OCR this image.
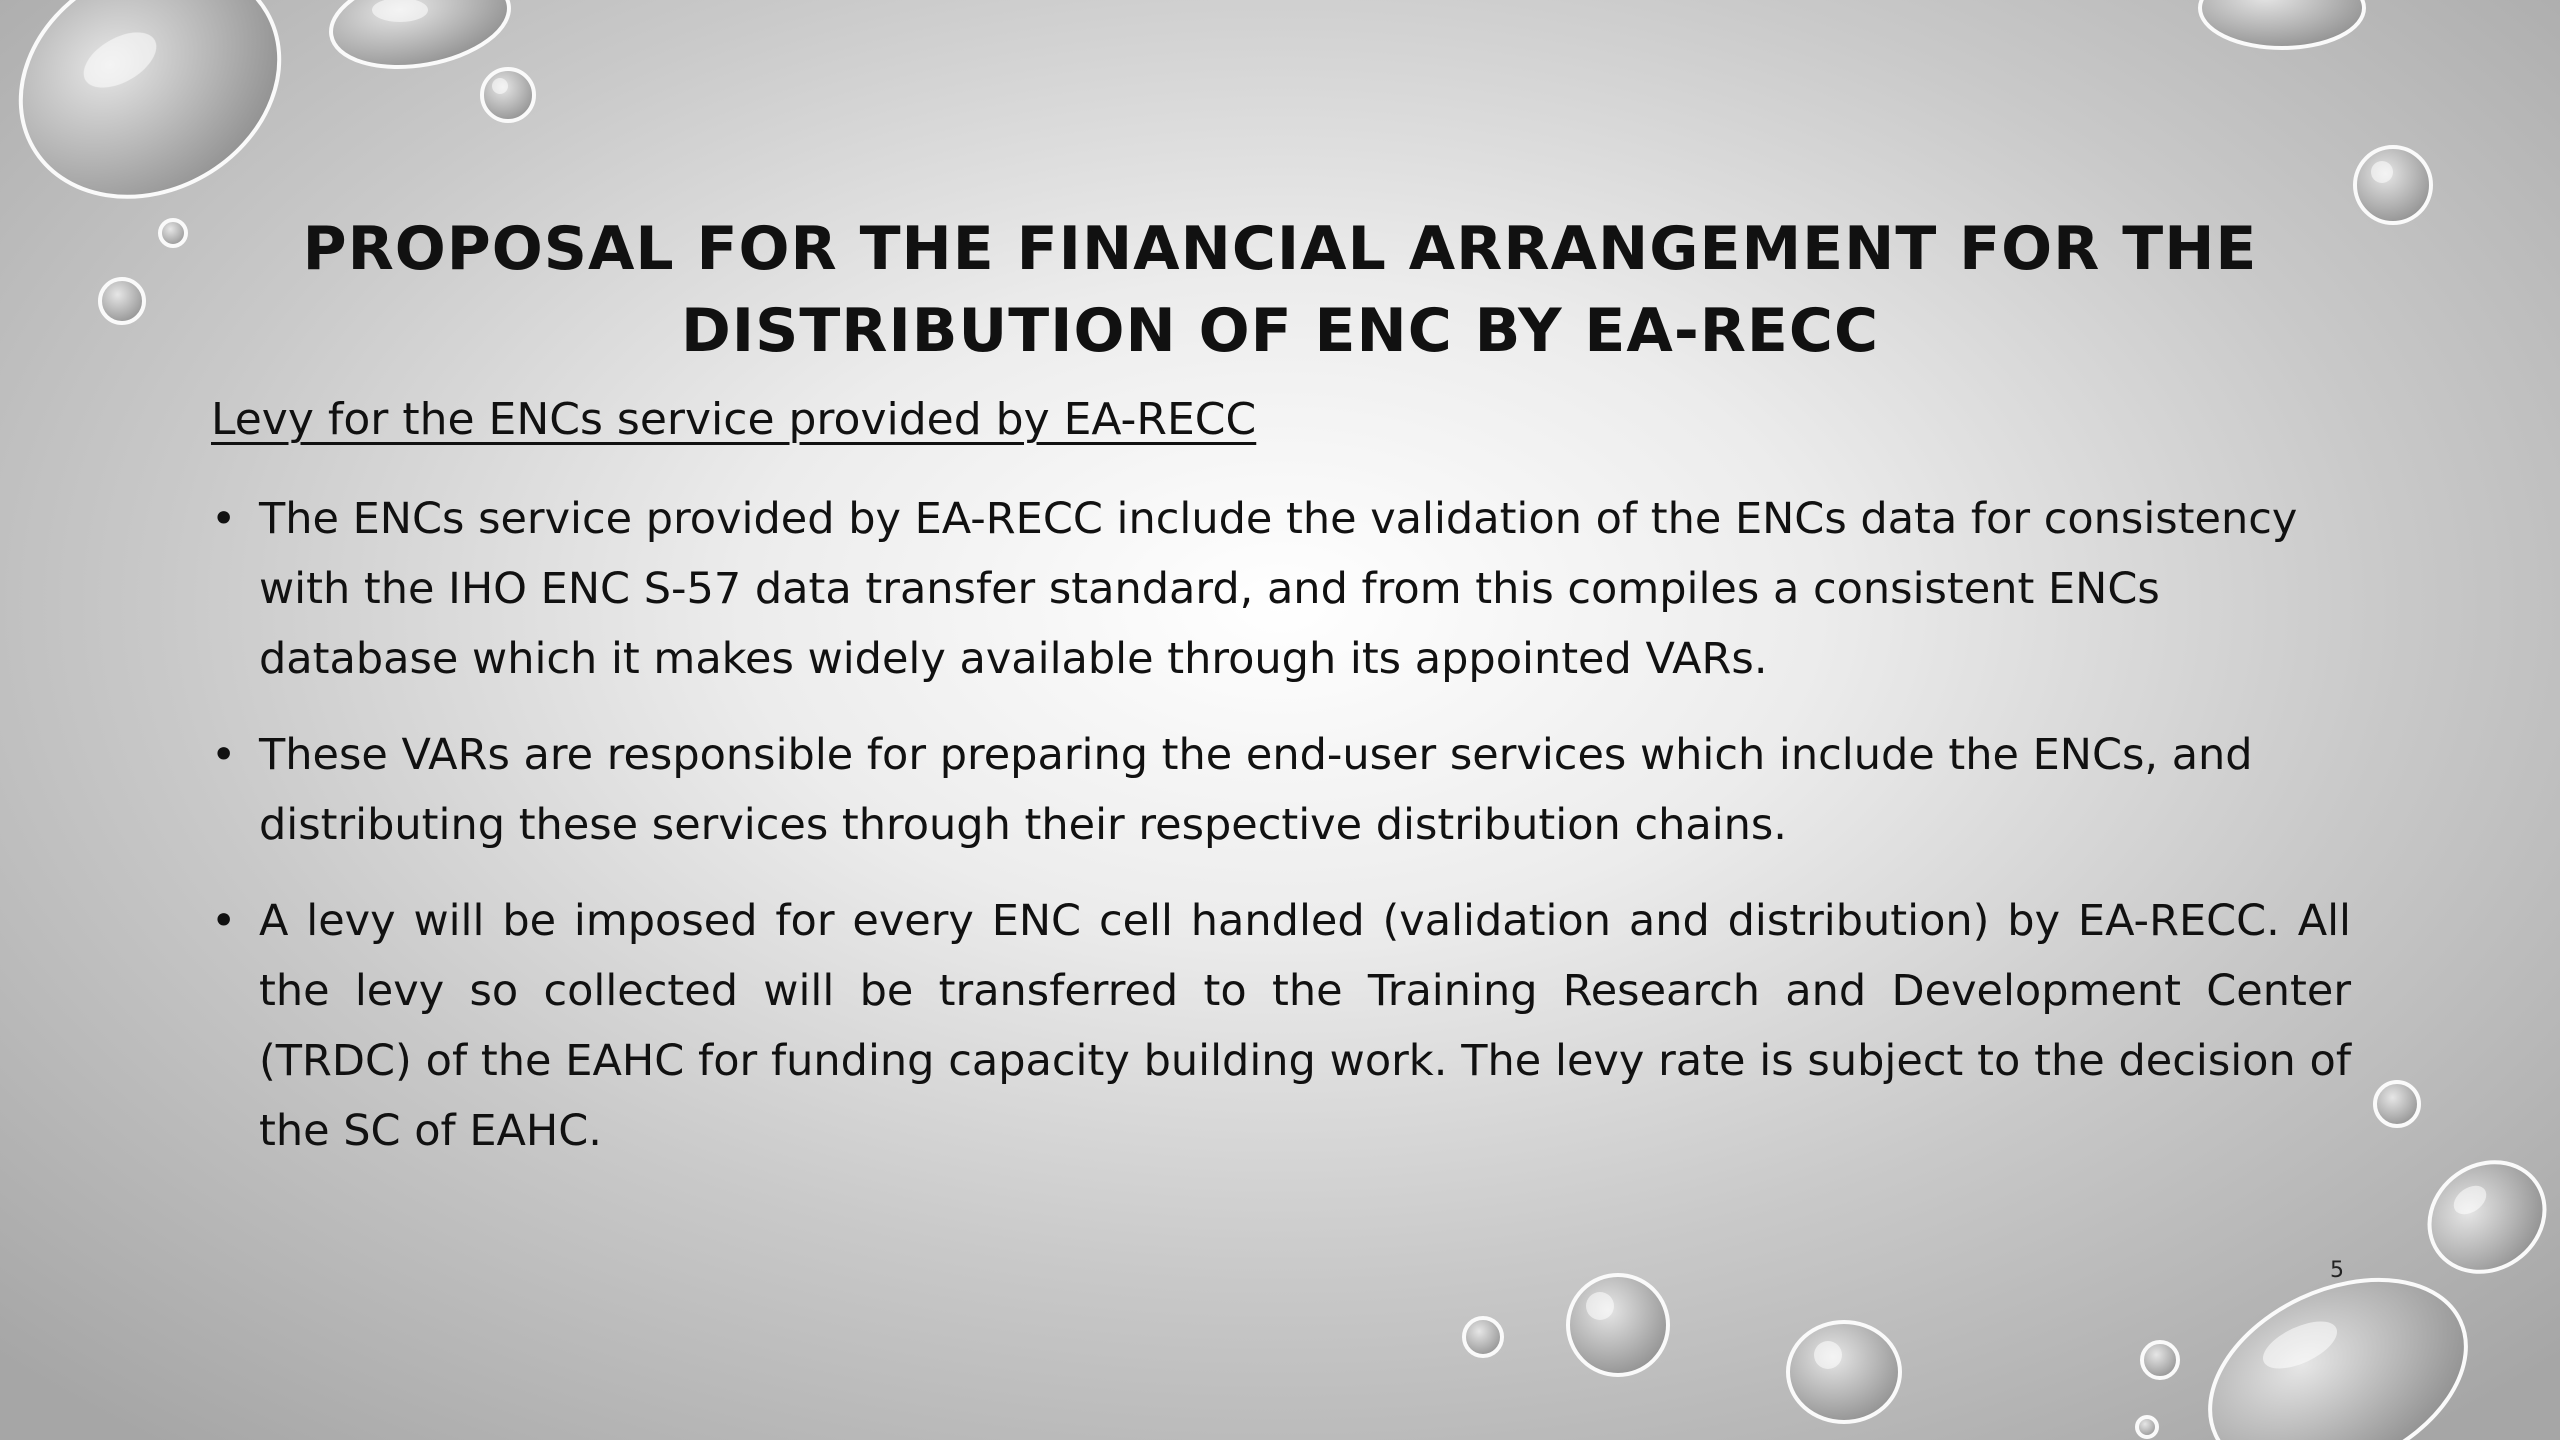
PROPOSAL FOR THE FINANCIAL ARRANGEMENT FOR THE
DISTRIBUTION OF ENC BY EA-RECC
Levy for the ENCs service provided by EA-RECC
• The ENCs service provided by EA-RECC include the validation of the ENCs data for consistency with the IHO ENC S-57 data transfer standard, and from this compiles a consistent ENCs database which it makes widely available through its appointed VARs.
• These VARs are responsible for preparing the end-user services which include the ENCs, and distributing these services through their respective distribution chains.
• A levy will be imposed for every ENC cell handled (validation and distribution) by EA-RECC. All the levy so collected will be transferred to the Training Research and Development Center (TRDC) of the EAHC for funding capacity building work. The levy rate is subject to the decision of the SC of EAHC.
5
